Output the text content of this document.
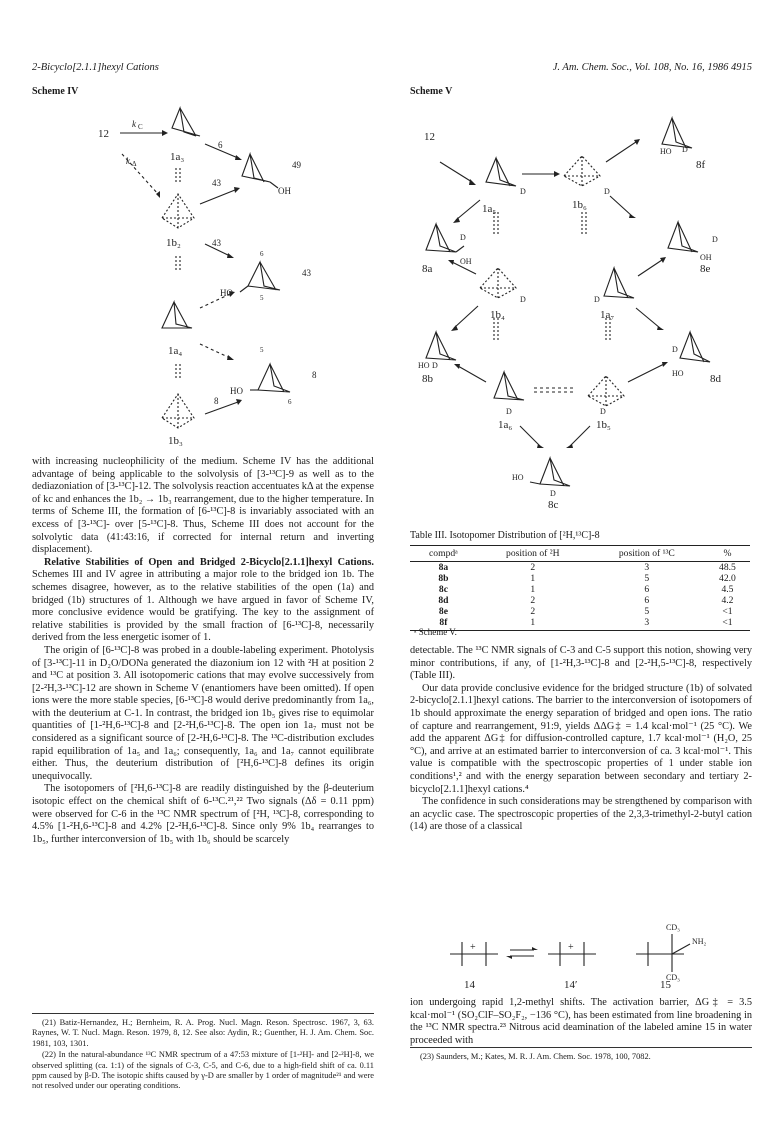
2-Bicyclo[2.1.1]hexyl Cations	J. Am. Chem. Soc., Vol. 108, No. 16, 1986 4915
Scheme IV
12
k C
k Δ
1a₃
1b₂
1a₄
1b₃
OH
HO
HO
6
49
43
43
43
8
8
6
5
5
6
Scheme V
12
1a₅	1b₆
1b₄	1a₇
1a₆	1b₅
8a
8b
8c
8d
8e
8f
OH
HO
OH
HO
HO
HO
D	D
D	D
D	D
D
D
D	D
D
D

with increasing nucleophilicity of the medium. Scheme IV has the additional advantage of being applicable to the solvolysis of [3-¹³C]-9 as well as to the dediazoniation of [3-¹³C]-12. The solvolysis reaction accentuates kΔ at the expense of kc and enhances the 1b₂ → 1b₃ rearrangement, due to the higher temperature. In terms of Scheme III, the formation of [6-¹³C]-8 is invariably associated with an excess of [3-¹³C]- over [5-¹³C]-8. Thus, Scheme III does not account for the solvolytic data (41:43:16, if corrected for internal return and inverting displacement).

Relative Stabilities of Open and Bridged 2-Bicyclo[2.1.1]hexyl Cations. Schemes III and IV agree in attributing a major role to the bridged ion 1b. The schemes disagree, however, as to the relative stabilities of the open (1a) and bridged (1b) structures of 1. Although we have argued in favor of Scheme IV, more conclusive evidence would be gratifying. The key to the assignment of relative stabilities is provided by the small fraction of [6-¹³C]-8, necessarily derived from the less energetic isomer of 1.

The origin of [6-¹³C]-8 was probed in a double-labeling experiment. Photolysis of [3-¹³C]-11 in D₂O/DONa generated the diazonium ion 12 with ²H at position 2 and ¹³C at position 3. All isotopomeric cations that may evolve successively from [2-²H,3-¹³C]-12 are shown in Scheme V (enantiomers have been omitted). If open ions were the more stable species, [6-¹³C]-8 would derive predominantly from 1a₆, with the deuterium at C-1. In contrast, the bridged ion 1b₅ gives rise to equimolar quantities of [1-²H,6-¹³C]-8 and [2-²H,6-¹³C]-8. The open ion 1a₇ must not be considered as a significant source of [2-²H,6-¹³C]-8. The ¹³C-distribution excludes rapid equilibration of 1a₅ and 1a₆; consequently, 1a₆ and 1a₇ cannot equilibrate either. Thus, the deuterium distribution of [²H,6-¹³C]-8 defines its origin unequivocally.

The isotopomers of [²H,6-¹³C]-8 are readily distinguished by the β-deuterium isotopic effect on the chemical shift of 6-¹³C.²¹,²² Two signals (Δδ = 0.11 ppm) were observed for C-6 in the ¹³C NMR spectrum of [²H, ¹³C]-8, corresponding to 4.5% [1-²H,6-¹³C]-8 and 4.2% [2-²H,6-¹³C]-8. Since only 9% 1b₄ rearranges to 1b₅, further interconversion of 1b₅ with 1b₆ should be scarcely

(21) Batiz-Hernandez, H.; Bernheim, R. A. Prog. Nucl. Magn. Reson. Spectrosc. 1967, 3, 63. Raynes, W. T. Nucl. Magn. Reson. 1979, 8, 12. See also: Aydin, R.; Guenther, H. J. Am. Chem. Soc. 1981, 103, 1301.

(22) In the natural-abundance ¹³C NMR spectrum of a 47:53 mixture of [1-²H]- and [2-²H]-8, we observed splitting (ca. 1:1) of the signals of C-3, C-5, and C-6, due to a high-field shift of ca. 0.11 ppm caused by β-D. The isotopic shifts caused by γ-D are smaller by 1 order of magnitude²¹ and were not resolved under our operating conditions.

Table III. Isotopomer Distribution of [²H,¹³C]-8
compdᵃ	position of ²H	position of ¹³C	%
8a	2	3	48.5
8b	1	5	42.0
8c	1	6	4.5
8d	2	6	4.2
8e	2	5	<1
8f	1	3	<1
ᵃ Scheme V.

detectable. The ¹³C NMR signals of C-3 and C-5 support this notion, showing very minor contributions, if any, of [1-²H,3-¹³C]-8 and [2-²H,5-¹³C]-8, respectively (Table III).

Our data provide conclusive evidence for the bridged structure (1b) of solvated 2-bicyclo[2.1.1]hexyl cations. The barrier to the interconversion of isotopomers of 1b should approximate the energy separation of bridged and open ions. The ratio of capture and rearrangement, 91:9, yields ΔΔG‡ = 1.4 kcal·mol⁻¹ (25 °C). We add the apparent ΔG‡ for diffusion-controlled capture, 1.7 kcal·mol⁻¹ (H₂O, 25 °C), and arrive at an estimated barrier to interconversion of ca. 3 kcal·mol⁻¹. This value is compatible with the spectroscopic properties of 1 under stable ion conditions¹,² and with the energy separation between secondary and tertiary 2-bicyclo[2.1.1]hexyl cations.⁴

The confidence in such considerations may be strengthened by comparison with an acyclic case. The spectroscopic properties of the 2,3,3-trimethyl-2-butyl cation (14) are those of a classical

+	+
14	14′	15
CD₃
CD₃
NH₂

ion undergoing rapid 1,2-methyl shifts. The activation barrier, ΔG‡ = 3.5 kcal·mol⁻¹ (SO₂ClF–SO₂F₂, −136 °C), has been estimated from line broadening in the ¹³C NMR spectra.²³ Nitrous acid deamination of the labeled amine 15 in water proceeded with

(23) Saunders, M.; Kates, M. R. J. Am. Chem. Soc. 1978, 100, 7082.
